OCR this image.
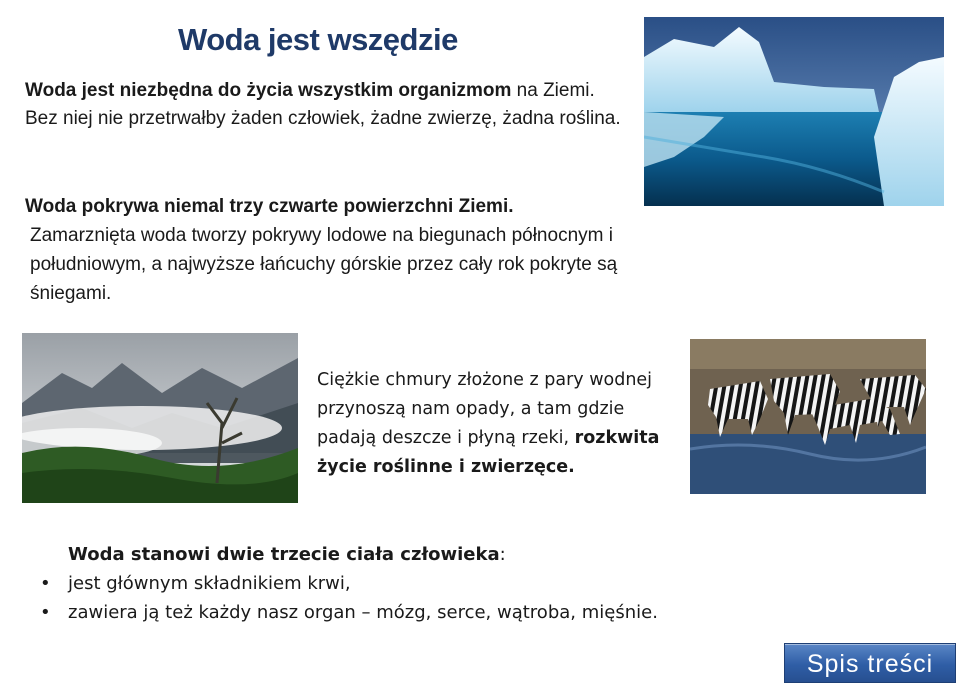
Woda jest wszędzie
Woda jest niezbędna do życia wszystkim organizmom na Ziemi. Bez niej nie przetrwałby żaden człowiek, żadne zwierzę, żadna roślina.
Woda pokrywa niemal trzy czwarte powierzchni Ziemi.
Zamarznięta woda tworzy pokrywy lodowe na biegunach północnym i południowym, a najwyższe łańcuchy górskie przez cały rok pokryte są śniegami.
Ciężkie chmury złożone z pary wodnej przynoszą nam opady, a tam gdzie padają deszcze i płyną rzeki, rozkwita życie roślinne i zwierzęce.
Woda stanowi dwie trzecie ciała człowieka:
• jest głównym składnikiem krwi,
• zawiera ją też każdy nasz organ – mózg, serce, wątroba, mięśnie.
Spis treści
